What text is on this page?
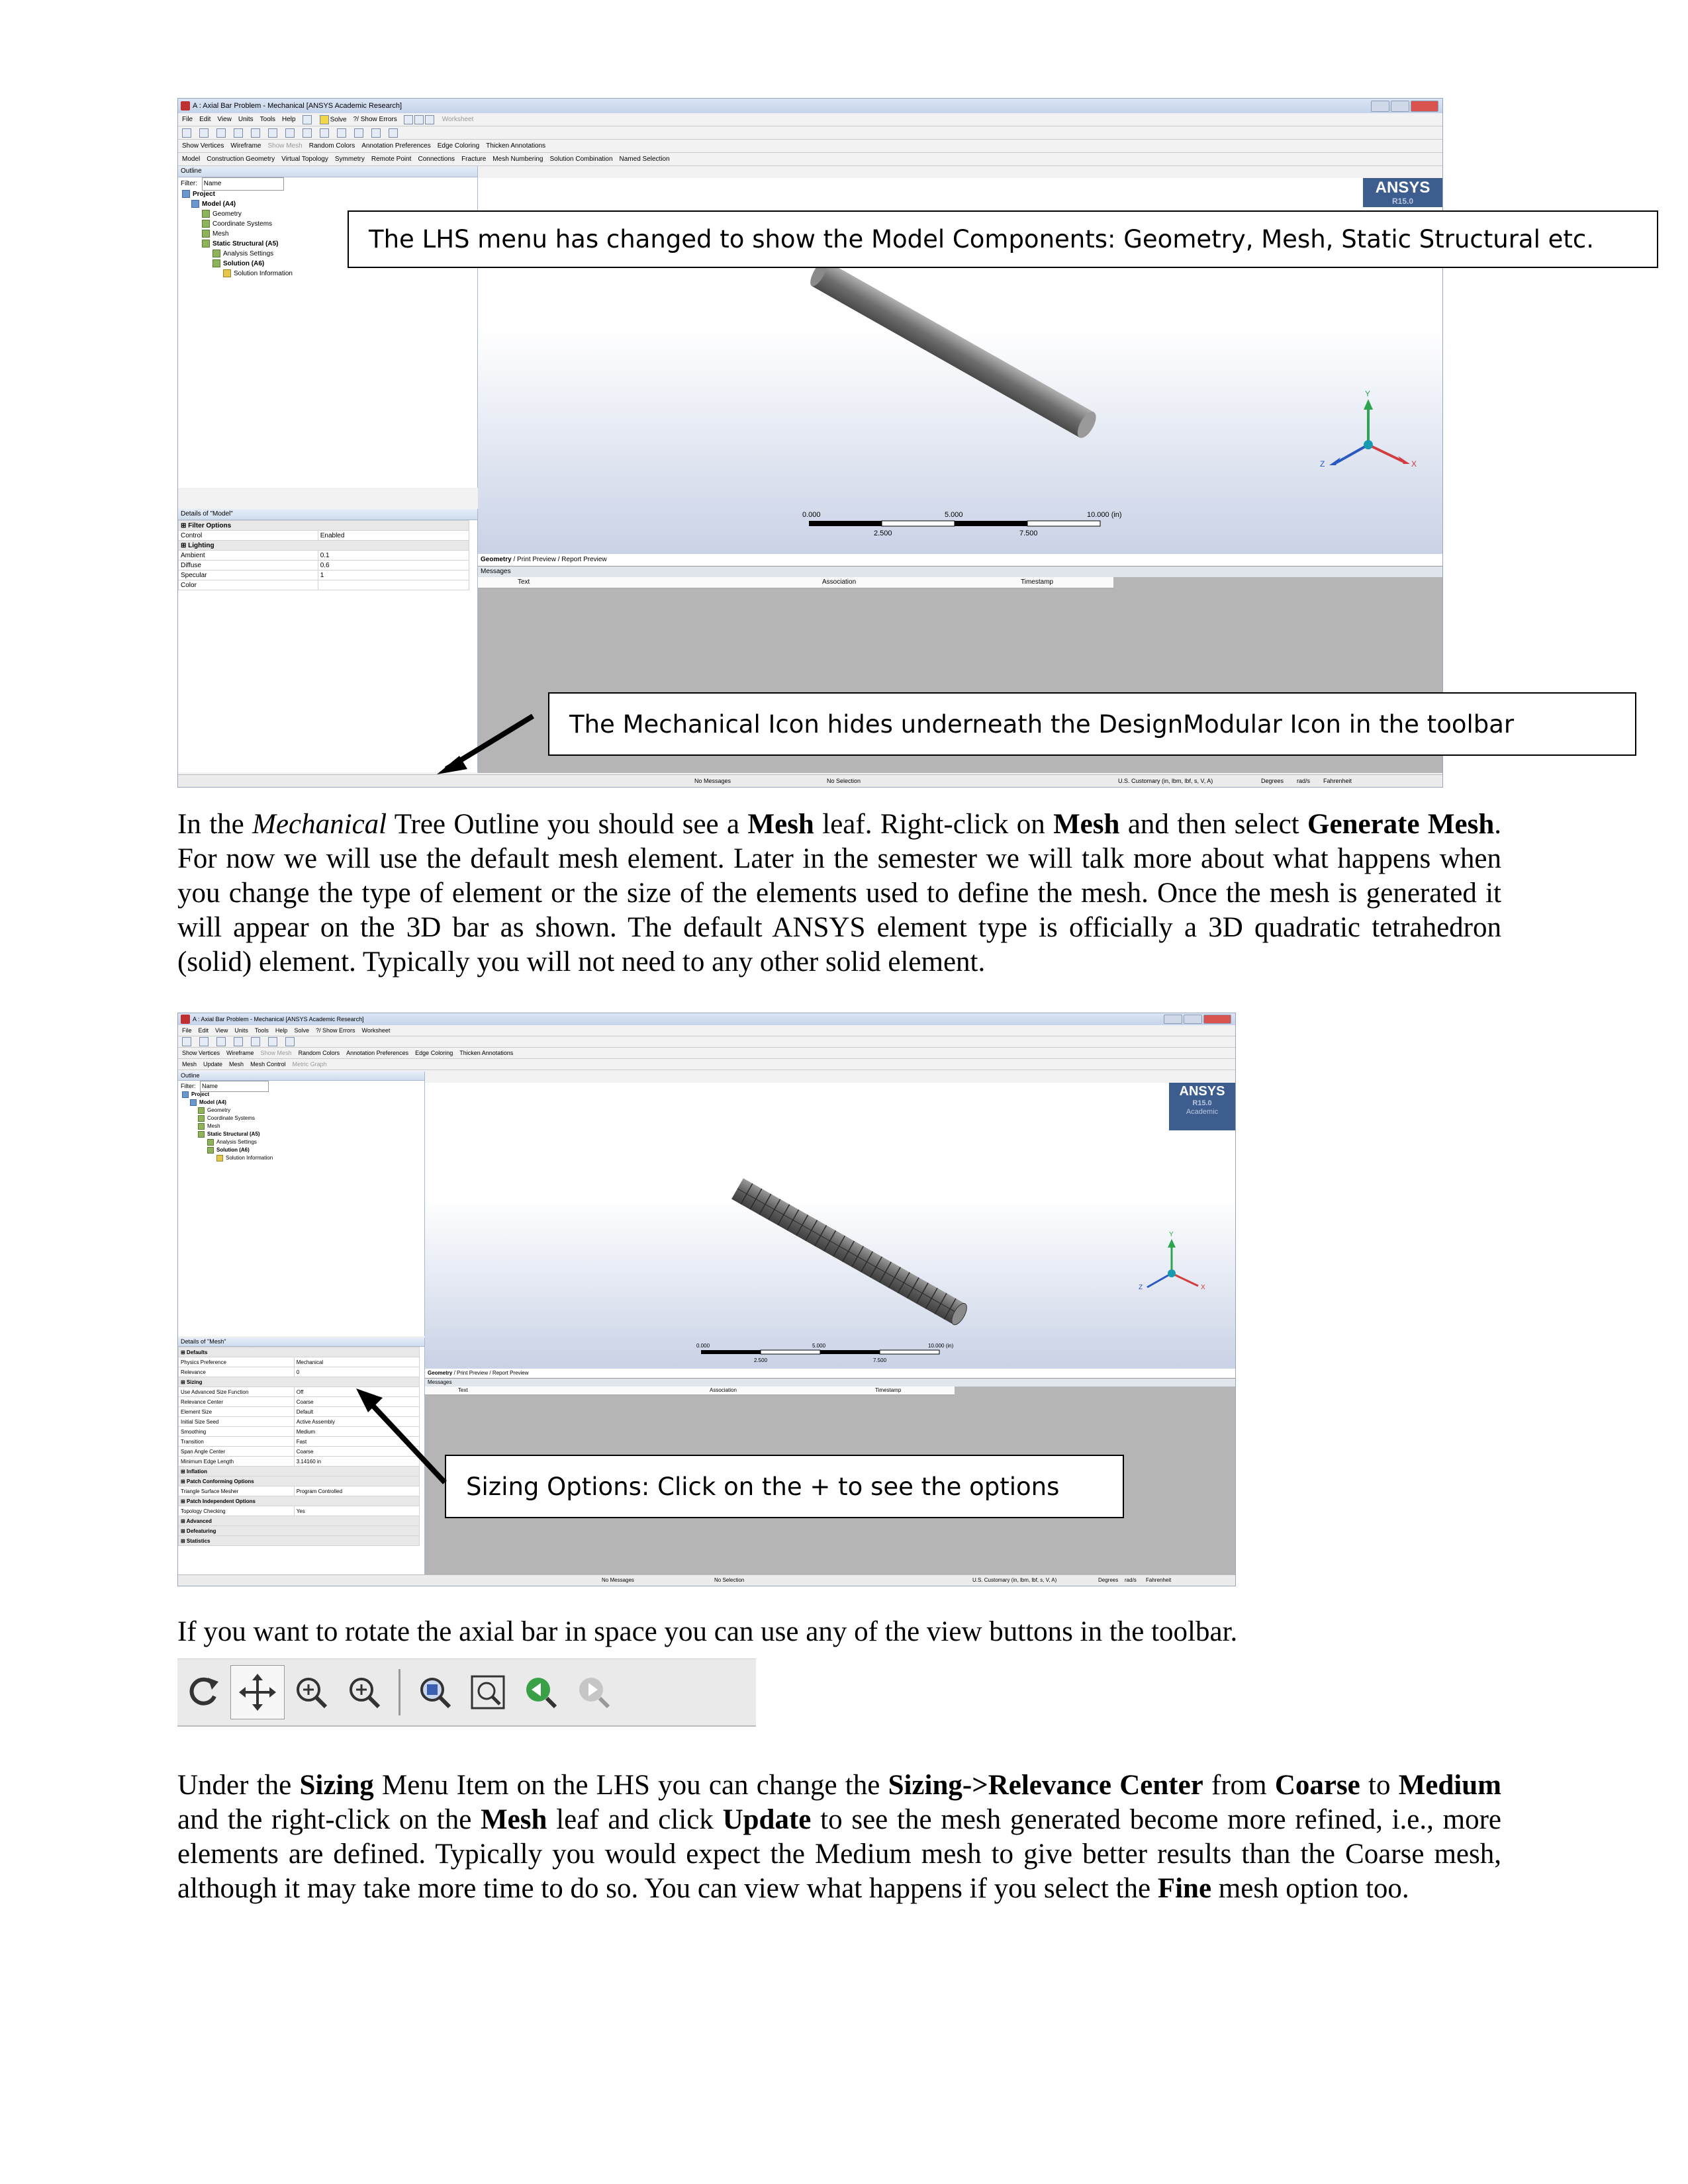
A : Axial Bar Problem - Mechanical [ANSYS Academic Research]
File Edit View Units Tools Help	Solve ?/ Show Errors	Worksheet
Show Vertices Wireframe Show Mesh Random Colors Annotation Preferences Edge Coloring Thicken Annotations
Model Construction Geometry Virtual Topology Symmetry Remote Point Connections Fracture Mesh Numbering Solution Combination Named Selection
Outline
Filter: Name
Project
Model (A4)
Geometry
Coordinate Systems
Mesh
Static Structural (A5)
Analysis Settings
Solution (A6)
Solution Information
Details of "Model"
⊞ Filter Options	
Control	Enabled
⊞ Lighting	
Ambient	0.1
Diffuse	0.6
Specular	1
Color	
ANSYS
R15.0
Y
X
Z
0.000	5.000	10.000 (in)
2.500	7.500
Geometry / Print Preview / Report Preview
Messages
Text	Association	Timestamp
No Messages	No Selection	U.S. Customary (in, lbm, lbf, s, V, A)	Degrees rad/s Fahrenheit
The LHS menu has changed to show the Model Components: Geometry, Mesh, Static Structural etc.
The Mechanical Icon hides underneath the DesignModular Icon in the toolbar
In the Mechanical Tree Outline you should see a Mesh leaf. Right-click on Mesh and then select Generate Mesh. For now we will use the default mesh element. Later in the semester we will talk more about what happens when you change the type of element or the size of the elements used to define the mesh. Once the mesh is generated it will appear on the 3D bar as shown. The default ANSYS element type is officially a 3D quadratic tetrahedron (solid) element. Typically you will not need to any other solid element.
A : Axial Bar Problem - Mechanical [ANSYS Academic Research]
File Edit View Units Tools Help Solve ?/ Show Errors Worksheet
Show Vertices Wireframe Show Mesh Random Colors Annotation Preferences Edge Coloring Thicken Annotations
Mesh Update Mesh Mesh Control Metric Graph
Outline
Filter: Name
Project
Model (A4)
Geometry
Coordinate Systems
Mesh
Static Structural (A5)
Analysis Settings
Solution (A6)
Solution Information
Details of "Mesh"
⊞ Defaults	
Physics Preference	Mechanical
Relevance	0
⊞ Sizing	
Use Advanced Size Function	Off
Relevance Center	Coarse
Element Size	Default
Initial Size Seed	Active Assembly
Smoothing	Medium
Transition	Fast
Span Angle Center	Coarse
Minimum Edge Length	3.14160 in
⊞ Inflation	
⊞ Patch Conforming Options	
Triangle Surface Mesher	Program Controlled
⊞ Patch Independent Options	
Topology Checking	Yes
⊞ Advanced	
⊞ Defeaturing	
⊞ Statistics	
ANSYS
R15.0
Academic
Y
X
Z
0.000	5.000	10.000 (in)
2.500	7.500
Geometry / Print Preview / Report Preview
Messages
Text	Association	Timestamp
No Messages	No Selection	U.S. Customary (in, lbm, lbf, s, V, A)	Degrees rad/s Fahrenheit
Sizing Options: Click on the + to see the options
If you want to rotate the axial bar in space you can use any of the view buttons in the toolbar.
Under the Sizing Menu Item on the LHS you can change the Sizing->Relevance Center from Coarse to Medium and the right-click on the Mesh leaf and click Update to see the mesh generated become more refined, i.e., more elements are defined. Typically you would expect the Medium mesh to give better results than the Coarse mesh, although it may take more time to do so. You can view what happens if you select the Fine mesh option too.
